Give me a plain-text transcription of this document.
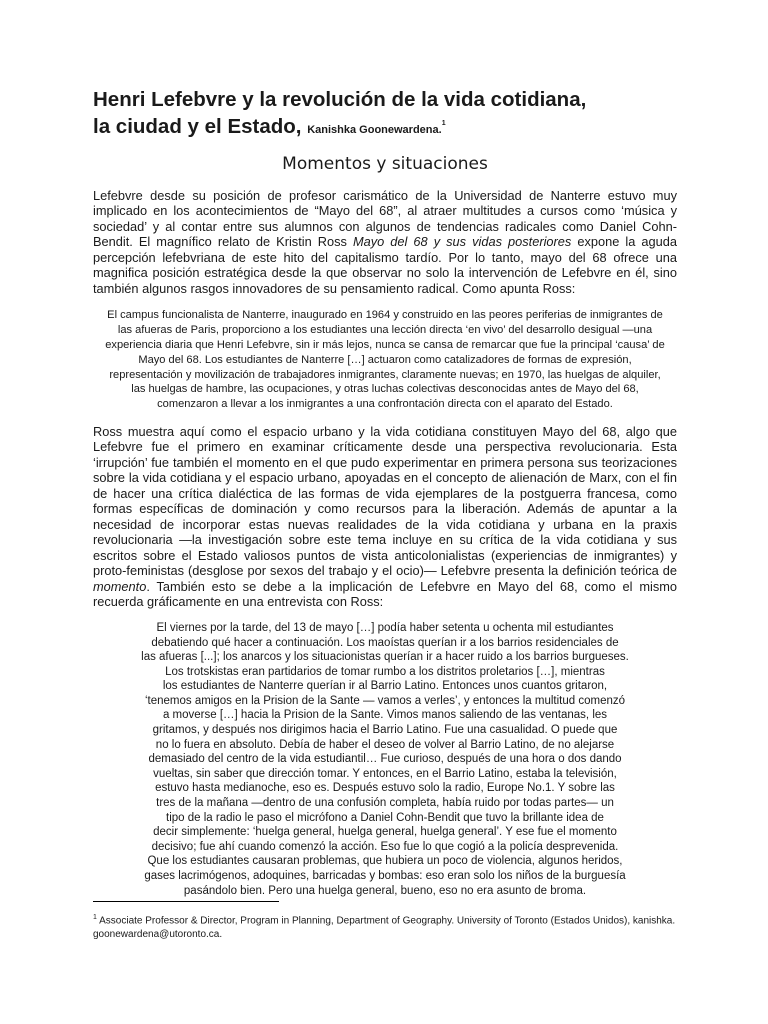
Henri Lefebvre y la revolución de la vida cotidiana,
la ciudad y el Estado, Kanishka Goonewardena.$^1$
Momentos y situaciones

Lefebvre desde su posición de profesor carismático de la Universidad de Nanterre estuvo muy implicado en los acontecimientos de “Mayo del 68”, al atraer multitudes a cursos como ‘música y sociedad’ y al contar entre sus alumnos con algunos de tendencias radicales como Daniel Cohn-Bendit. El magnífico relato de Kristin Ross Mayo del 68 y sus vidas posteriores expone la aguda percepción lefebvriana de este hito del capitalismo tardío. Por lo tanto, mayo del 68 ofrece una magnifica posición estratégica desde la que observar no solo la intervención de Lefebvre en él, sino también algunos rasgos innovadores de su pensamiento radical. Como apunta Ross:

El campus funcionalista de Nanterre, inaugurado en 1964 y construido en las peores periferias de inmigrantes de las afueras de Paris, proporciono a los estudiantes una lección directa ‘en vivo’ del desarrollo desigual —una experiencia diaria que Henri Lefebvre, sin ir más lejos, nunca se cansa de remarcar que fue la principal ‘causa’ de Mayo del 68. Los estudiantes de Nanterre […] actuaron como catalizadores de formas de expresión, representación y movilización de trabajadores inmigrantes, claramente nuevas; en 1970, las huelgas de alquiler, las huelgas de hambre, las ocupaciones, y otras luchas colectivas desconocidas antes de Mayo del 68, comenzaron a llevar a los inmigrantes a una confrontación directa con el aparato del Estado.

Ross muestra aquí como el espacio urbano y la vida cotidiana constituyen Mayo del 68, algo que Lefebvre fue el primero en examinar críticamente desde una perspectiva revolucionaria. Esta ‘irrupción’ fue también el momento en el que pudo experimentar en primera persona sus teorizaciones sobre la vida cotidiana y el espacio urbano, apoyadas en el concepto de alienación de Marx, con el fin de hacer una crítica dialéctica de las formas de vida ejemplares de la postguerra francesa, como formas específicas de dominación y como recursos para la liberación. Además de apuntar a la necesidad de incorporar estas nuevas realidades de la vida cotidiana y urbana en la praxis revolucionaria —la investigación sobre este tema incluye en su crítica de la vida cotidiana y sus escritos sobre el Estado valiosos puntos de vista anticolonialistas (experiencias de inmigrantes) y proto-feministas (desglose por sexos del trabajo y el ocio)— Lefebvre presenta la definición teórica de momento. También esto se debe a la implicación de Lefebvre en Mayo del 68, como el mismo recuerda gráficamente en una entrevista con Ross:

El viernes por la tarde, del 13 de mayo […] podía haber setenta u ochenta mil estudiantes
debatiendo qué hacer a continuación. Los maoístas querían ir a los barrios residenciales de
las afueras [...]; los anarcos y los situacionistas querían ir a hacer ruido a los barrios burgueses.
Los trotskistas eran partidarios de tomar rumbo a los distritos proletarios […], mientras
los estudiantes de Nanterre querían ir al Barrio Latino. Entonces unos cuantos gritaron,
‘tenemos amigos en la Prision de la Sante — vamos a verles’, y entonces la multitud comenzó
a moverse […] hacia la Prision de la Sante. Vimos manos saliendo de las ventanas, les
gritamos, y después nos dirigimos hacia el Barrio Latino. Fue una casualidad. O puede que
no lo fuera en absoluto. Debía de haber el deseo de volver al Barrio Latino, de no alejarse
demasiado del centro de la vida estudiantil… Fue curioso, después de una hora o dos dando
vueltas, sin saber que dirección tomar. Y entonces, en el Barrio Latino, estaba la televisión,
estuvo hasta medianoche, eso es. Después estuvo solo la radio, Europe No.1. Y sobre las
tres de la mañana —dentro de una confusión completa, había ruido por todas partes— un
tipo de la radio le paso el micrófono a Daniel Cohn-Bendit que tuvo la brillante idea de
decir simplemente: ‘huelga general, huelga general, huelga general’. Y ese fue el momento
decisivo; fue ahí cuando comenzó la acción. Eso fue lo que cogió a la policía desprevenida.
Que los estudiantes causaran problemas, que hubiera un poco de violencia, algunos heridos,
gases lacrimógenos, adoquines, barricadas y bombas: eso eran solo los niños de la burguesía
pasándolo bien. Pero una huelga general, bueno, eso no era asunto de broma.
$^1$ Associate Professor & Director, Program in Planning, Department of Geography. University of Toronto (Estados Unidos), kanishka. goonewardena@utoronto.ca.
